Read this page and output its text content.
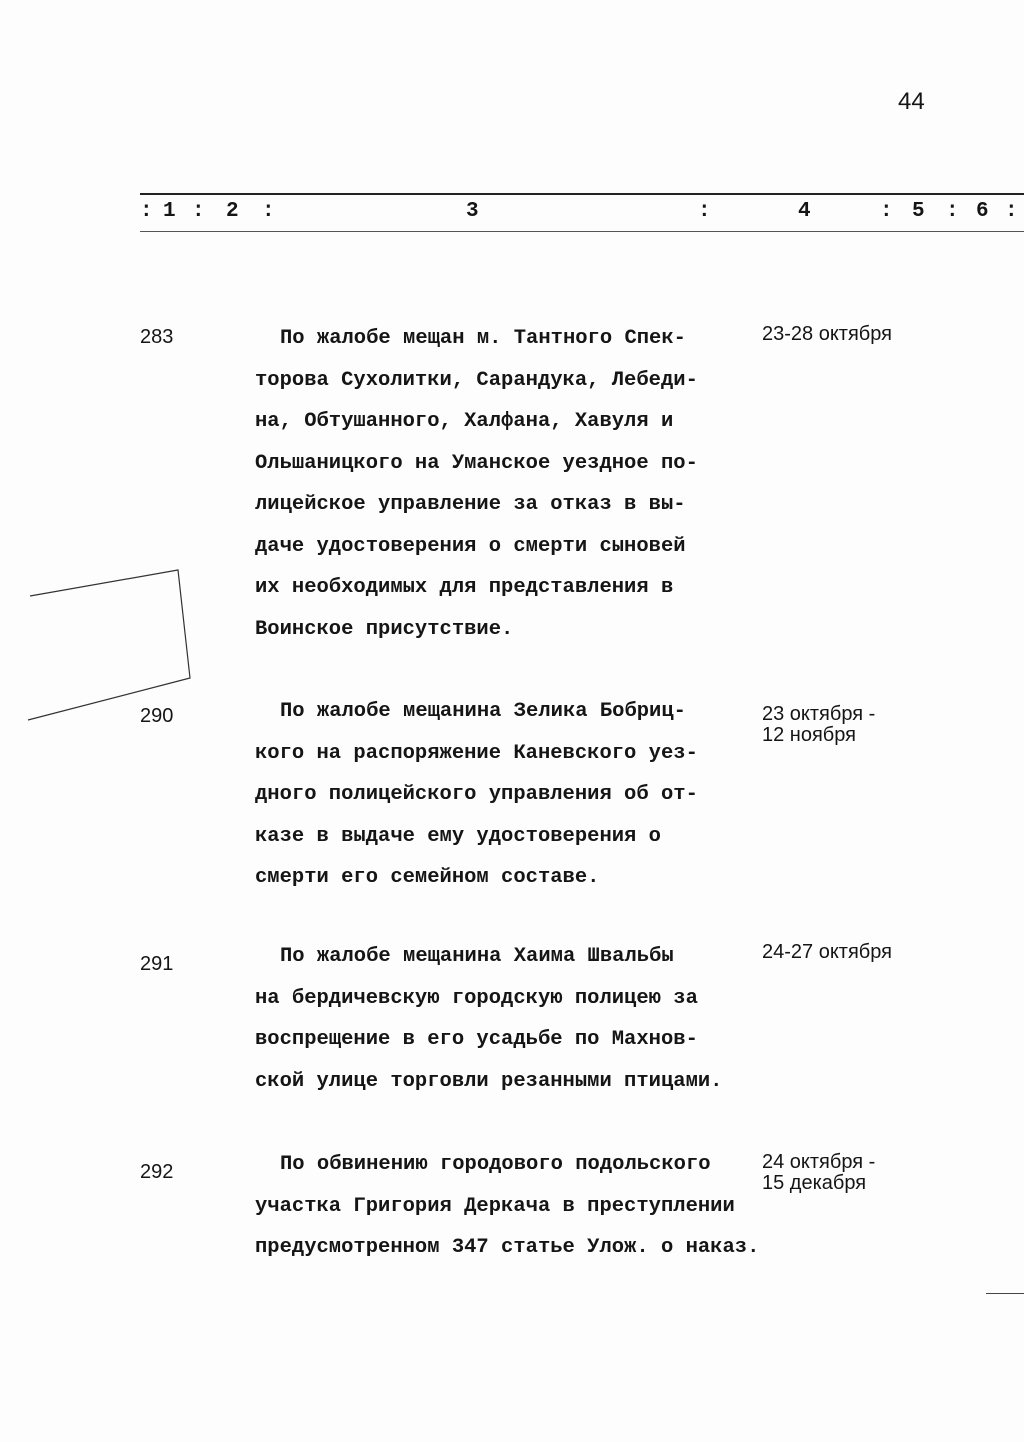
44
: 1 : 2 :	3	:	4	: 5 : 6 :
283	По жалобе мещан м. Тантного Спек-
торова Сухолитки, Сарандука, Лебеди-
на, Обтушанного, Халфана, Хавуля и
Ольшаницкого на Уманское уездное по-
лицейское управление за отказ в вы-
даче удостоверения о смерти сыновей
их необходимых для представления в
Воинское присутствие.
23-28 октября
290	По жалобе мещанина Зелика Бобриц-
кого на распоряжение Каневского уез-
дного полицейского управления об от-
казе в выдаче ему удостоверения о
смерти его семейном составе.
23 октября -
12 ноября
291	По жалобе мещанина Хаима Швальбы
на бердичевскую городскую полицею за
воспрещение в его усадьбе по Махнов-
ской улице торговли резанными птицами.
24-27 октября
292	По обвинению городового подольского
участка Григория Деркача в преступлении
предусмотренном 347 статье Улож. о наказ.
24 октября -
15 декабря
